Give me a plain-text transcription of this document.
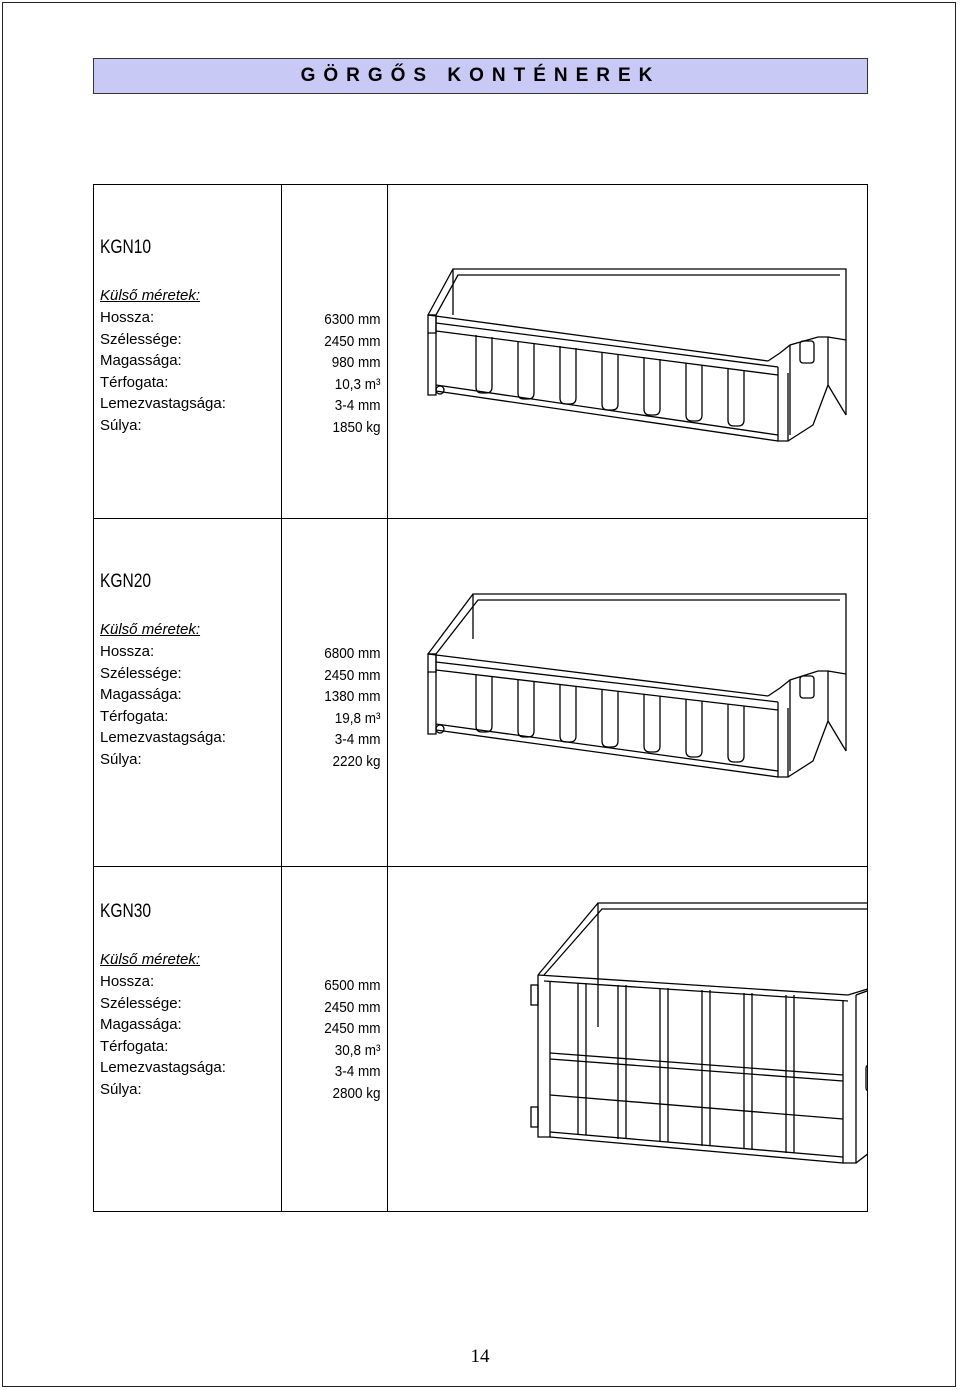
GÖRGŐS KONTÉNEREK
KGN10
Külső méretek:
Hossza:
Szélessége:
Magassága:
Térfogata:
Lemezvastagsága:
Súlya:
6300 mm
2450 mm
980 mm
10,3 m³
3-4 mm
1850 kg
KGN20
Külső méretek:
Hossza:
Szélessége:
Magassága:
Térfogata:
Lemezvastagsága:
Súlya:
6800 mm
2450 mm
1380 mm
19,8 m³
3-4 mm
2220 kg
KGN30
Külső méretek:
Hossza:
Szélessége:
Magassága:
Térfogata:
Lemezvastagsága:
Súlya:
6500 mm
2450 mm
2450 mm
30,8 m³
3-4 mm
2800 kg
14
